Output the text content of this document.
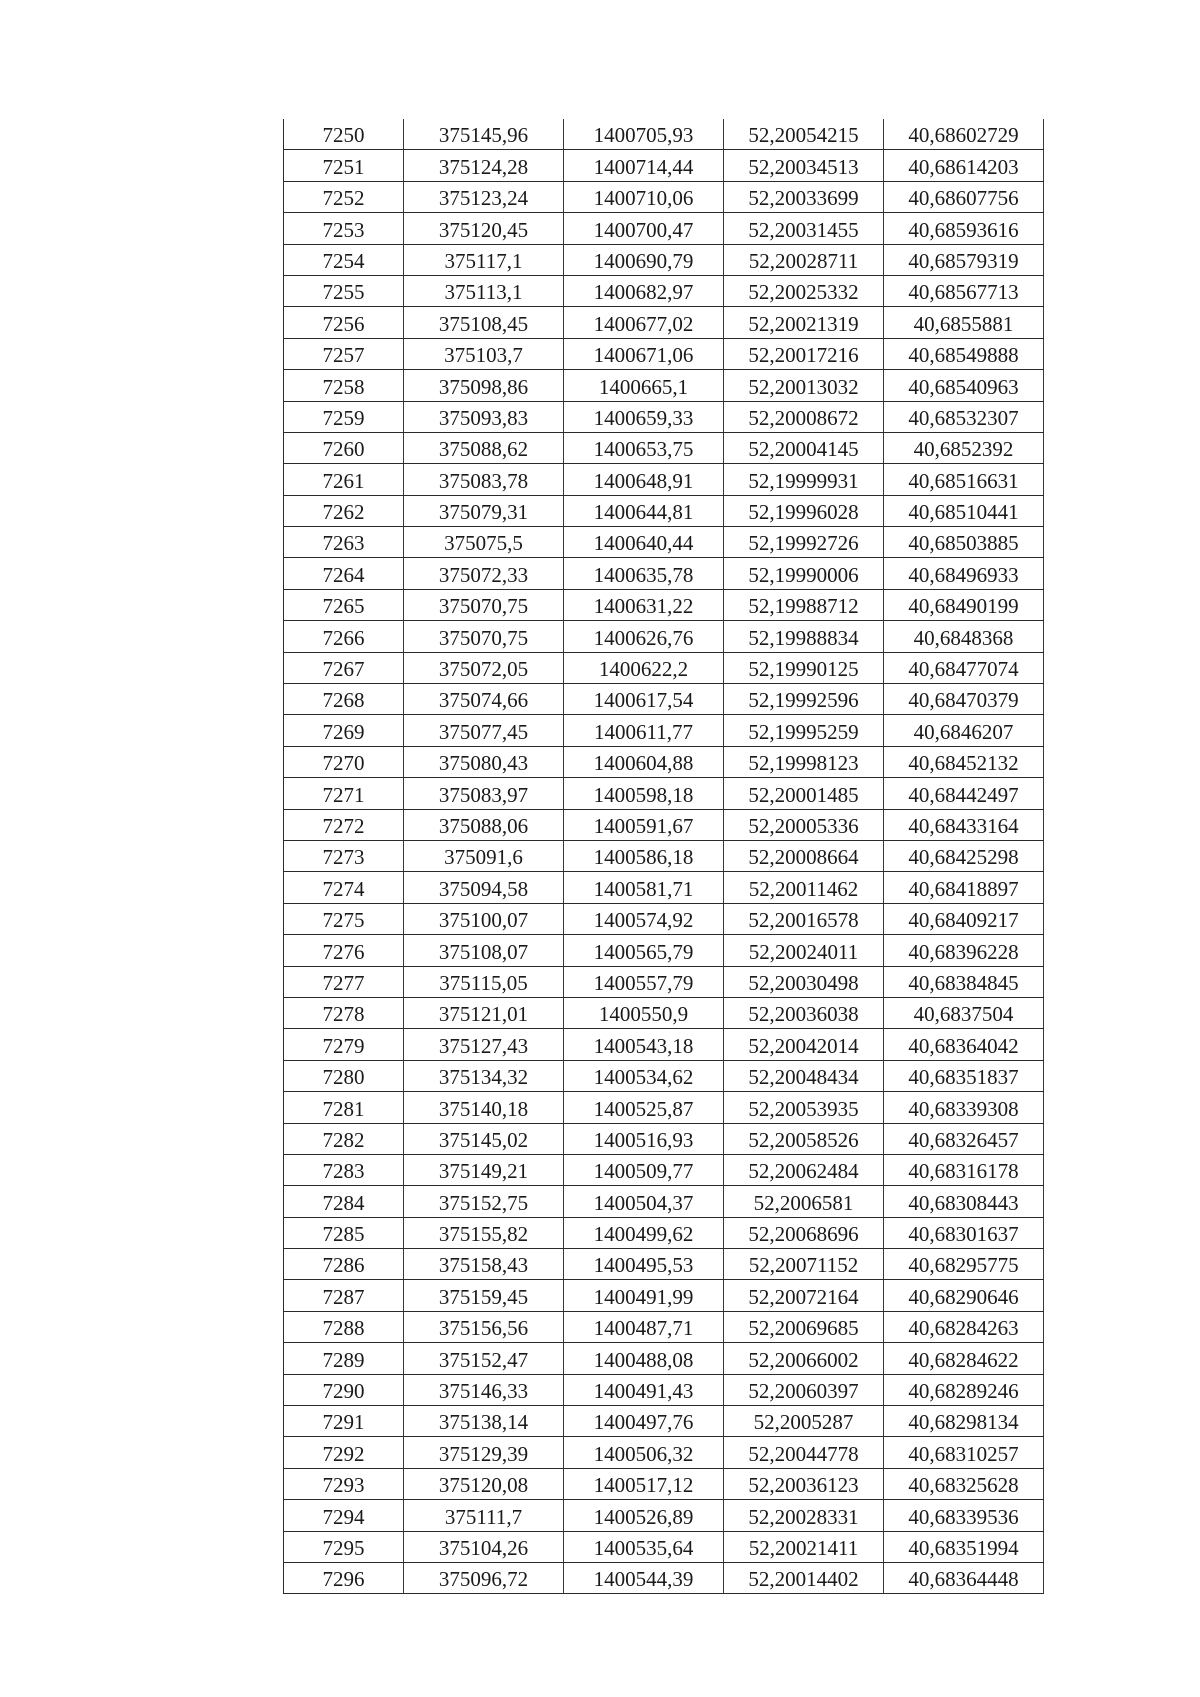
7250	375145,96	1400705,93	52,20054215	40,68602729
7251	375124,28	1400714,44	52,20034513	40,68614203
7252	375123,24	1400710,06	52,20033699	40,68607756
7253	375120,45	1400700,47	52,20031455	40,68593616
7254	375117,1	1400690,79	52,20028711	40,68579319
7255	375113,1	1400682,97	52,20025332	40,68567713
7256	375108,45	1400677,02	52,20021319	40,6855881
7257	375103,7	1400671,06	52,20017216	40,68549888
7258	375098,86	1400665,1	52,20013032	40,68540963
7259	375093,83	1400659,33	52,20008672	40,68532307
7260	375088,62	1400653,75	52,20004145	40,6852392
7261	375083,78	1400648,91	52,19999931	40,68516631
7262	375079,31	1400644,81	52,19996028	40,68510441
7263	375075,5	1400640,44	52,19992726	40,68503885
7264	375072,33	1400635,78	52,19990006	40,68496933
7265	375070,75	1400631,22	52,19988712	40,68490199
7266	375070,75	1400626,76	52,19988834	40,6848368
7267	375072,05	1400622,2	52,19990125	40,68477074
7268	375074,66	1400617,54	52,19992596	40,68470379
7269	375077,45	1400611,77	52,19995259	40,6846207
7270	375080,43	1400604,88	52,19998123	40,68452132
7271	375083,97	1400598,18	52,20001485	40,68442497
7272	375088,06	1400591,67	52,20005336	40,68433164
7273	375091,6	1400586,18	52,20008664	40,68425298
7274	375094,58	1400581,71	52,20011462	40,68418897
7275	375100,07	1400574,92	52,20016578	40,68409217
7276	375108,07	1400565,79	52,20024011	40,68396228
7277	375115,05	1400557,79	52,20030498	40,68384845
7278	375121,01	1400550,9	52,20036038	40,6837504
7279	375127,43	1400543,18	52,20042014	40,68364042
7280	375134,32	1400534,62	52,20048434	40,68351837
7281	375140,18	1400525,87	52,20053935	40,68339308
7282	375145,02	1400516,93	52,20058526	40,68326457
7283	375149,21	1400509,77	52,20062484	40,68316178
7284	375152,75	1400504,37	52,2006581	40,68308443
7285	375155,82	1400499,62	52,20068696	40,68301637
7286	375158,43	1400495,53	52,20071152	40,68295775
7287	375159,45	1400491,99	52,20072164	40,68290646
7288	375156,56	1400487,71	52,20069685	40,68284263
7289	375152,47	1400488,08	52,20066002	40,68284622
7290	375146,33	1400491,43	52,20060397	40,68289246
7291	375138,14	1400497,76	52,2005287	40,68298134
7292	375129,39	1400506,32	52,20044778	40,68310257
7293	375120,08	1400517,12	52,20036123	40,68325628
7294	375111,7	1400526,89	52,20028331	40,68339536
7295	375104,26	1400535,64	52,20021411	40,68351994
7296	375096,72	1400544,39	52,20014402	40,68364448
